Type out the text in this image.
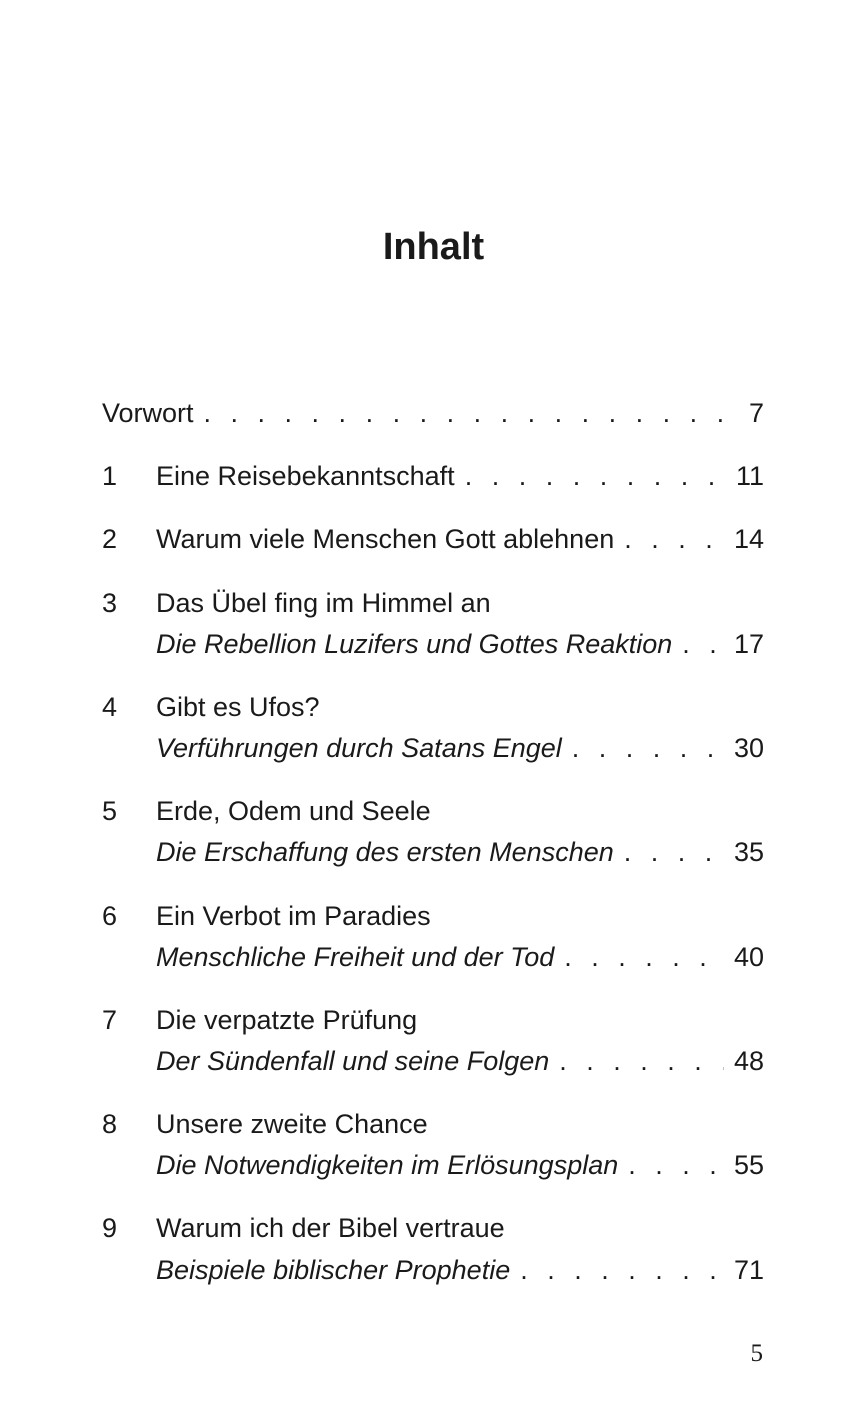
Inhalt
Vorwort . . .	7
1 Eine Reisebekanntschaft . . .	11
2 Warum viele Menschen Gott ablehnen . . .	14
3 Das Übel fing im Himmel an
Die Rebellion Luzifers und Gottes Reaktion . . . 17
4 Gibt es Ufos?
Verführungen durch Satans Engel . . .	30
5 Erde, Odem und Seele
Die Erschaffung des ersten Menschen . . .	35
6 Ein Verbot im Paradies
Menschliche Freiheit und der Tod . . .	40
7 Die verpatzte Prüfung
Der Sündenfall und seine Folgen . . .	48
8 Unsere zweite Chance
Die Notwendigkeiten im Erlösungsplan . . .	55
9 Warum ich der Bibel vertraue
Beispiele biblischer Prophetie . . .	71
5
